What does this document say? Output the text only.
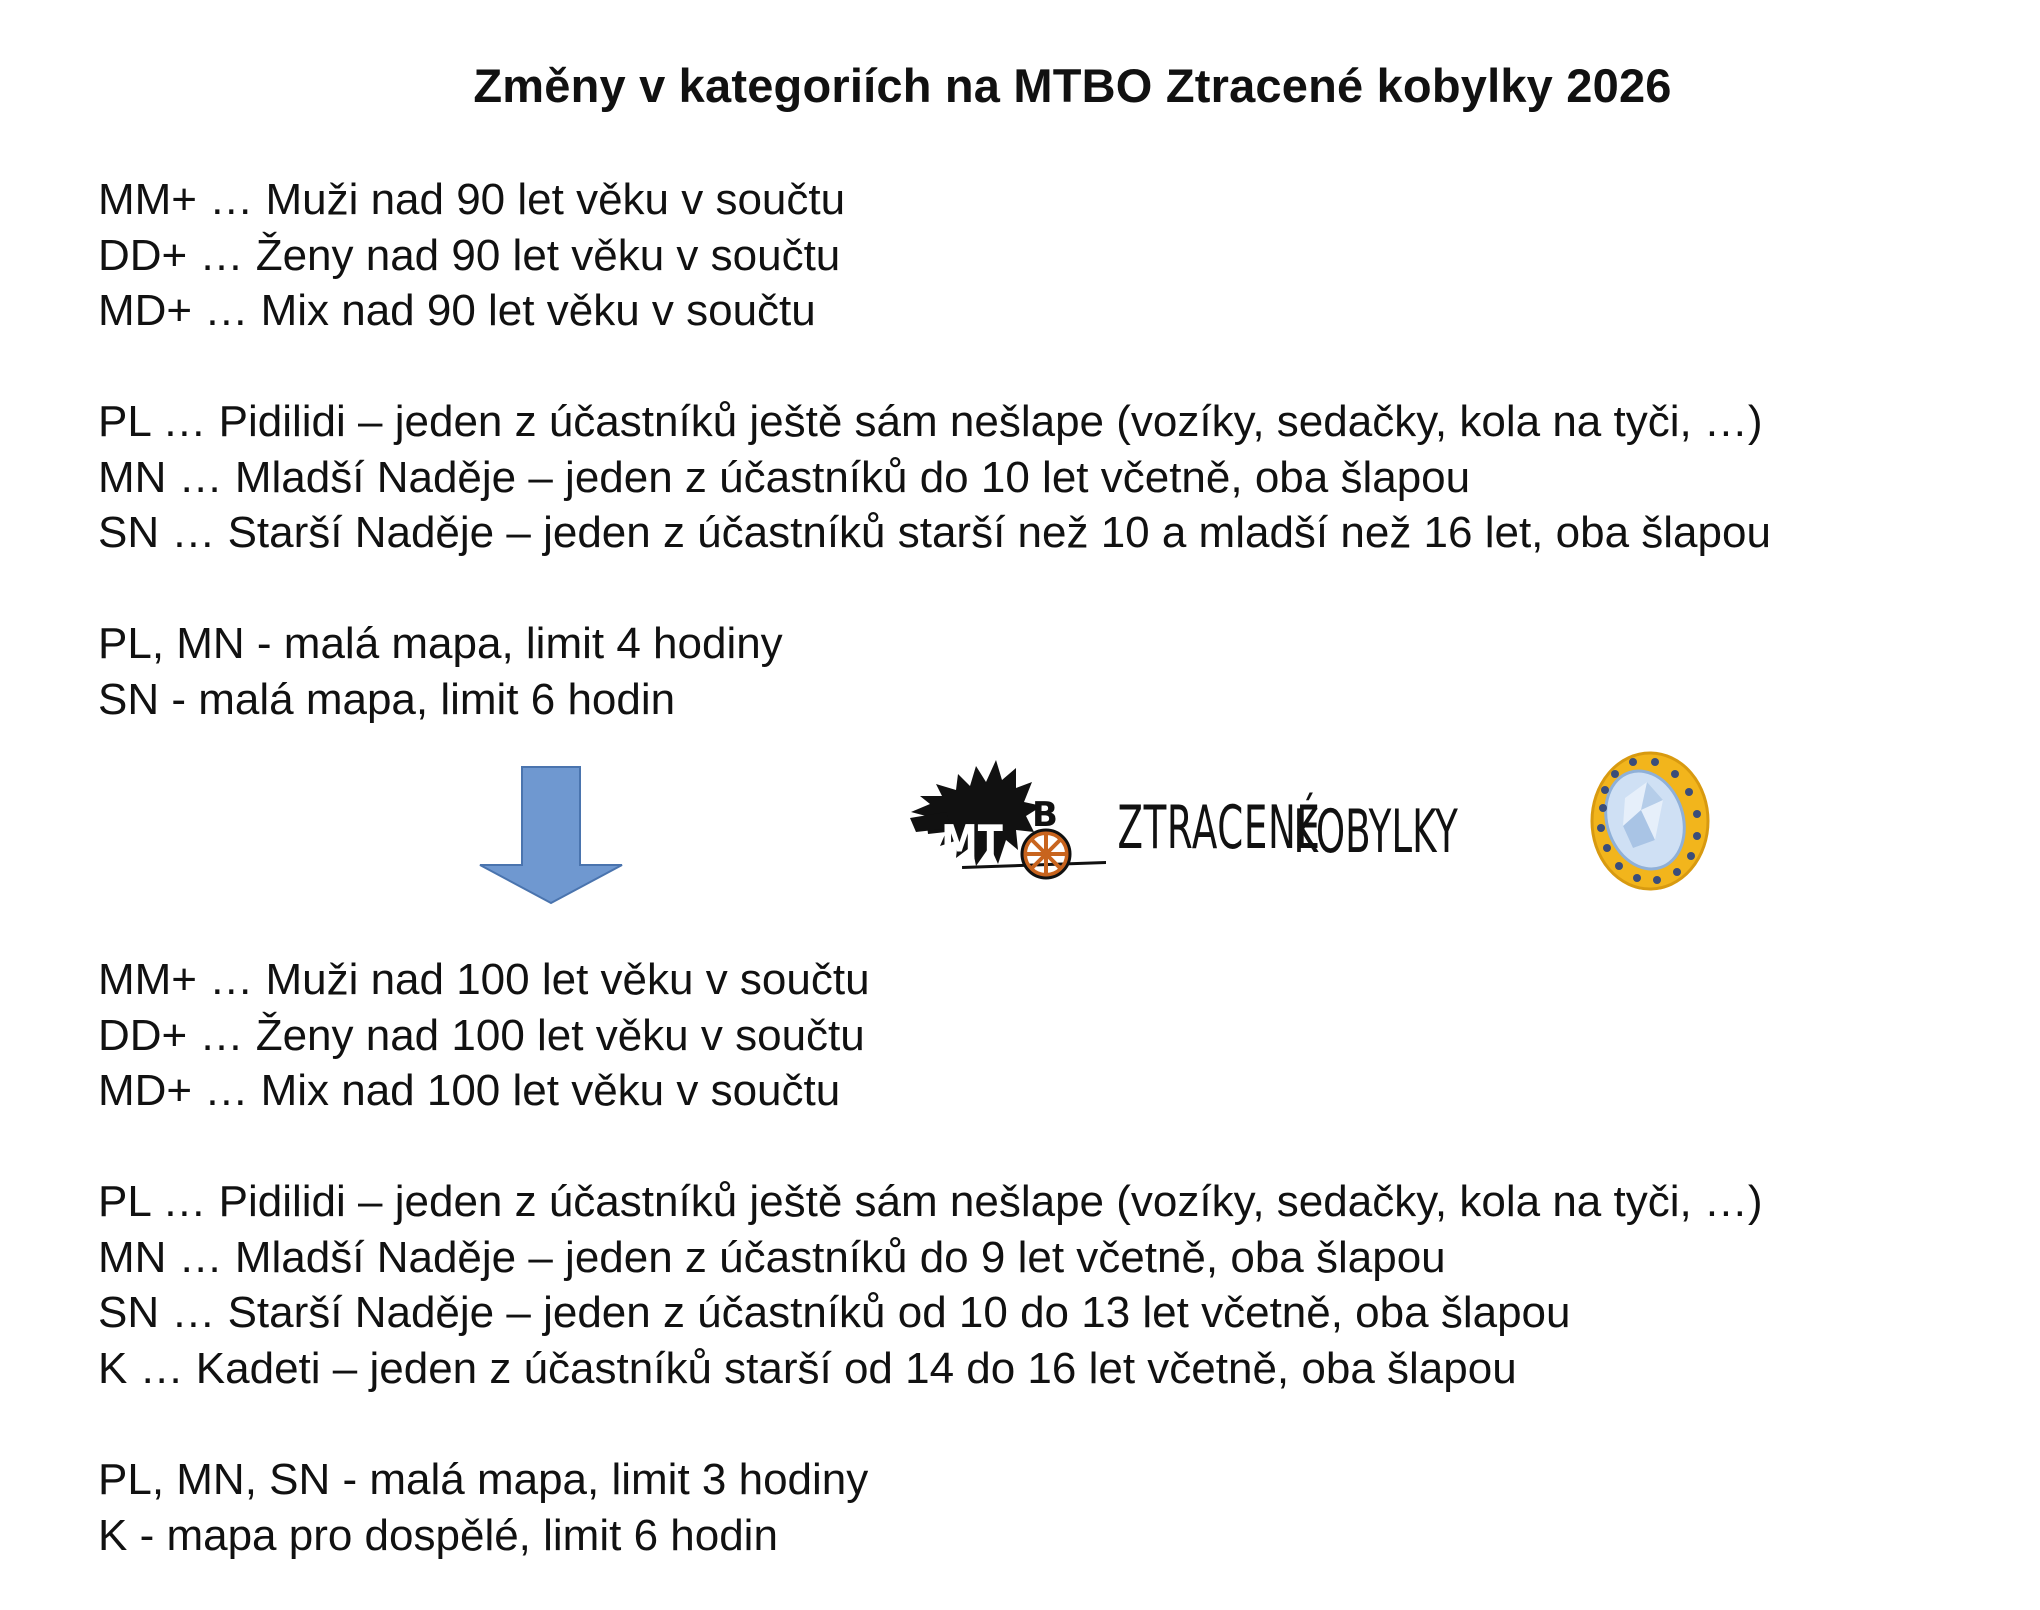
Změny v kategoriích na MTBO Ztracené kobylky 2026
MM+ … Muži nad 90 let věku v součtu
DD+ … Ženy nad 90 let věku v součtu
MD+ … Mix nad 90 let věku v součtu
PL … Pidilidi – jeden z účastníků ještě sám nešlape (vozíky, sedačky, kola na tyči, …)
MN … Mladší Naděje – jeden z účastníků do 10 let včetně, oba šlapou
SN … Starší Naděje – jeden z účastníků starší než 10 a mladší než 16 let, oba šlapou
PL, MN - malá mapa, limit 4 hodiny
SN - malá mapa, limit 6 hodin
MT B ZTRACENÉ
KOBYLKY
MM+ … Muži nad 100 let věku v součtu
DD+ … Ženy nad 100 let věku v součtu
MD+ … Mix nad 100 let věku v součtu
PL … Pidilidi – jeden z účastníků ještě sám nešlape (vozíky, sedačky, kola na tyči, …)
MN … Mladší Naděje – jeden z účastníků do 9 let včetně, oba šlapou
SN … Starší Naděje – jeden z účastníků od 10 do 13 let včetně, oba šlapou
K … Kadeti – jeden z účastníků starší od 14 do 16 let včetně, oba šlapou
PL, MN, SN - malá mapa, limit 3 hodiny
K - mapa pro dospělé, limit 6 hodin
